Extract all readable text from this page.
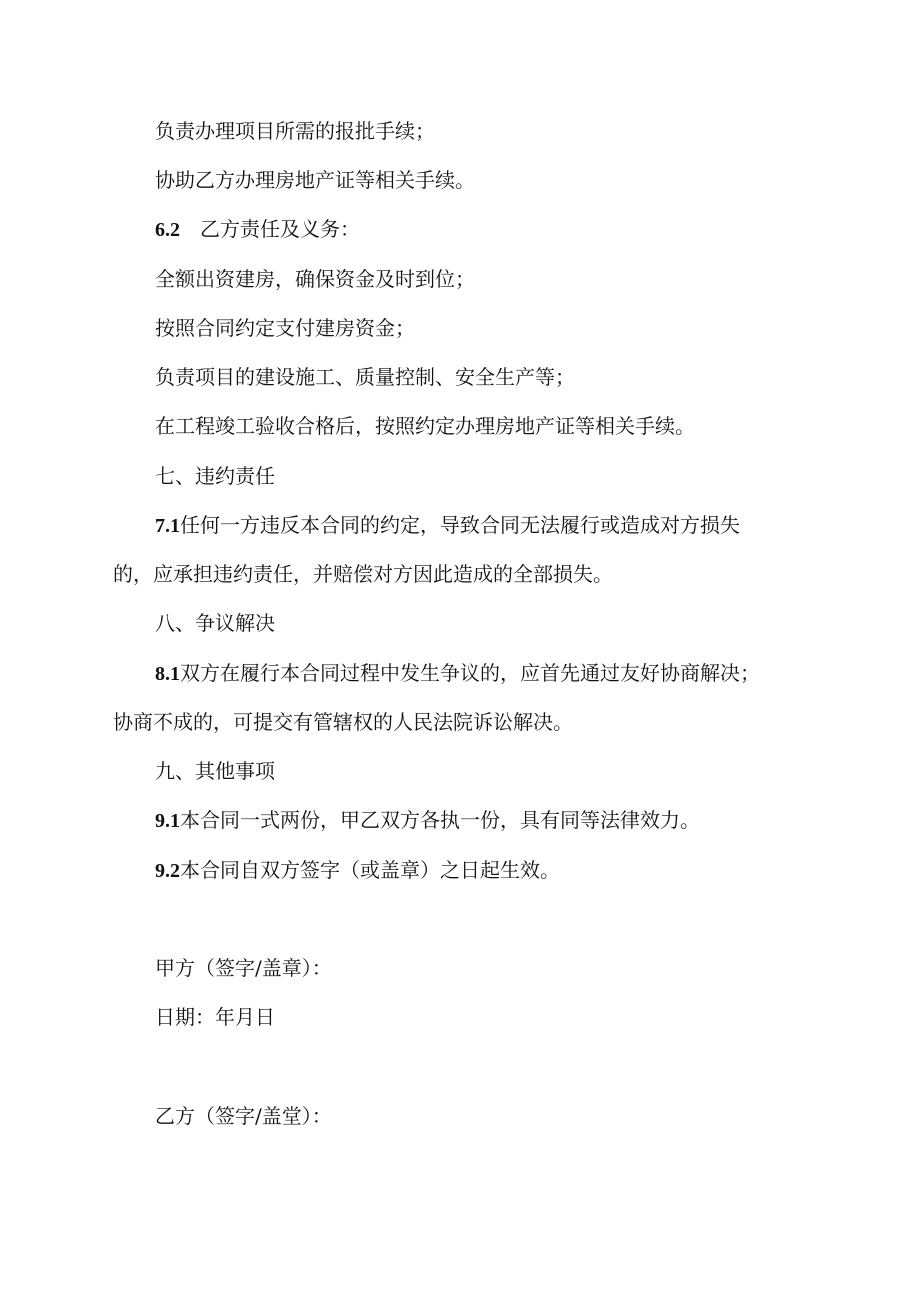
负责办理项目所需的报批手续；

协助乙方办理房地产证等相关手续。

6.2 乙方责任及义务：

全额出资建房，确保资金及时到位；

按照合同约定支付建房资金；

负责项目的建设施工、质量控制、安全生产等；

在工程竣工验收合格后，按照约定办理房地产证等相关手续。

七、违约责任

7.1任何一方违反本合同的约定，导致合同无法履行或造成对方损失

的，应承担违约责任，并赔偿对方因此造成的全部损失。

八、争议解决

8.1双方在履行本合同过程中发生争议的，应首先通过友好协商解决；

协商不成的，可提交有管辖权的人民法院诉讼解决。

九、其他事项

9.1本合同一式两份，甲乙双方各执一份，具有同等法律效力。

9.2本合同自双方签字（或盖章）之日起生效。

甲方（签字/盖章）：

日期：年月日

乙方（签字/盖堂）：
